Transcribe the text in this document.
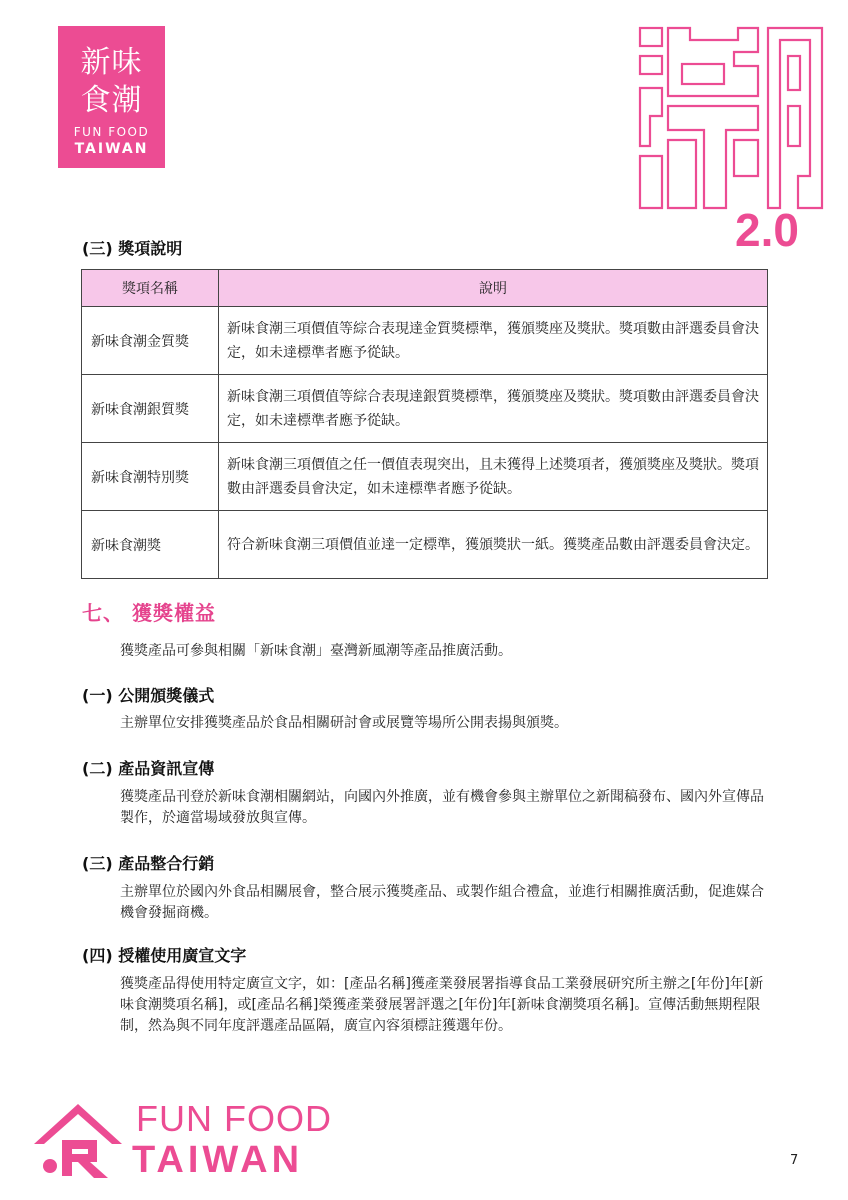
新味
食潮
FUN FOOD
TAIWAN
2.0
(三) 獎項說明
獎項名稱	說明
新味食潮金質獎	新味食潮三項價值等綜合表現達金質獎標準，獲頒獎座及獎狀。獎項數由評選委員會決定，如未達標準者應予從缺。
新味食潮銀質獎	新味食潮三項價值等綜合表現達銀質獎標準，獲頒獎座及獎狀。獎項數由評選委員會決定，如未達標準者應予從缺。
新味食潮特別獎	新味食潮三項價值之任一價值表現突出，且未獲得上述獎項者，獲頒獎座及獎狀。獎項數由評選委員會決定，如未達標準者應予從缺。
新味食潮獎	符合新味食潮三項價值並達一定標準，獲頒獎狀一紙。獲獎產品數由評選委員會決定。
七、 獲獎權益
獲獎產品可參與相關「新味食潮」臺灣新風潮等產品推廣活動。
(一) 公開頒獎儀式
主辦單位安排獲獎產品於食品相關研討會或展覽等場所公開表揚與頒獎。
(二) 產品資訊宣傳
獲獎產品刊登於新味食潮相關網站，向國內外推廣，並有機會參與主辦單位之新聞稿發布、國內外宣傳品製作，於適當場域發放與宣傳。
(三) 產品整合行銷
主辦單位於國內外食品相關展會，整合展示獲獎產品、或製作組合禮盒，並進行相關推廣活動，促進媒合機會發掘商機。
(四) 授權使用廣宣文字
獲獎產品得使用特定廣宣文字，如：[產品名稱]獲產業發展署指導食品工業發展研究所主辦之[年份]年[新味食潮獎項名稱]，或[產品名稱]榮獲產業發展署評選之[年份]年[新味食潮獎項名稱]。宣傳活動無期程限制，然為與不同年度評選產品區隔，廣宣內容須標註獲選年份。
FUN FOOD
TAIWAN	7
